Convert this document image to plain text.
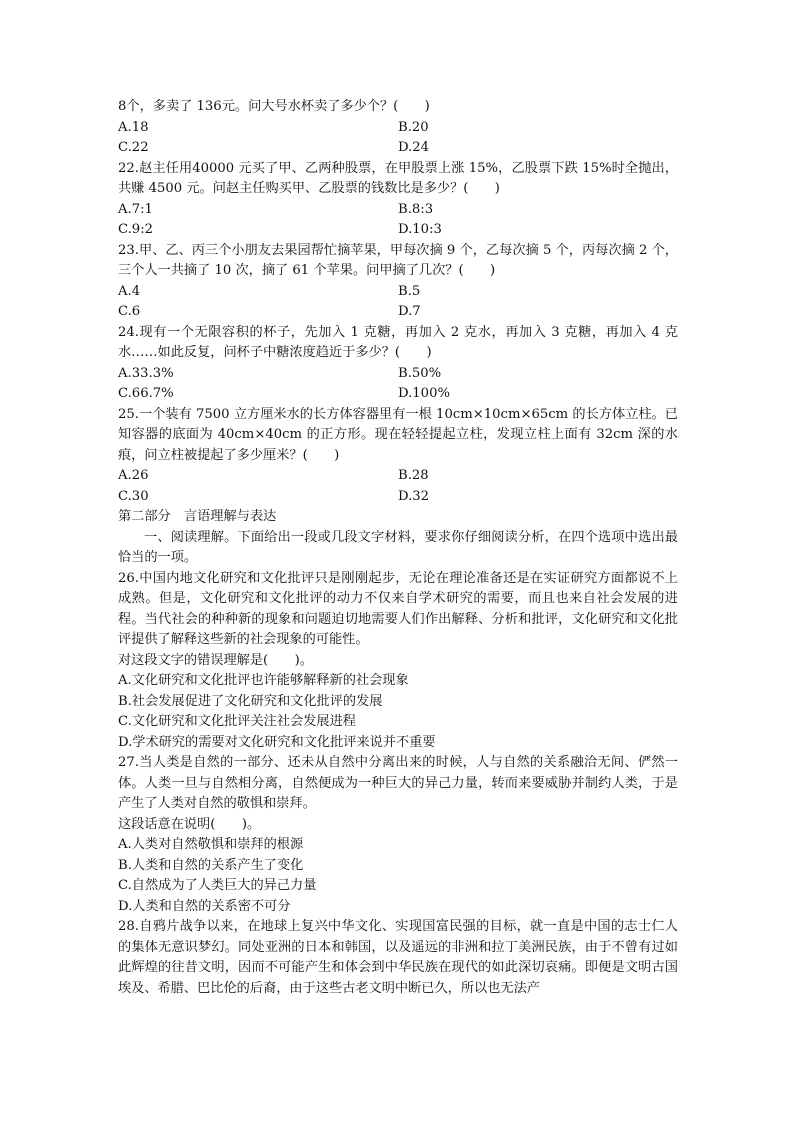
8个，多卖了 136元。问大号水杯卖了多少个？(　　)

A.18	B.20
C.22	D.24

22.赵主任用40000 元买了甲、乙两种股票，在甲股票上涨 15%，乙股票下跌 15%时全抛出，共赚 4500 元。问赵主任购买甲、乙股票的钱数比是多少？(　　)

A.7:1	B.8:3
C.9:2	D.10:3

23.甲、乙、丙三个小朋友去果园帮忙摘苹果，甲每次摘 9 个，乙每次摘 5 个，丙每次摘 2 个，三个人一共摘了 10 次，摘了 61 个苹果。问甲摘了几次？(　　)

A.4	B.5
C.6	D.7

24.现有一个无限容积的杯子，先加入 1 克糖，再加入 2 克水，再加入 3 克糖，再加入 4 克水……如此反复，问杯子中糖浓度趋近于多少？(　　)

A.33.3%	B.50%
C.66.7%	D.100%

25.一个装有 7500 立方厘米水的长方体容器里有一根 10cm×10cm×65cm 的长方体立柱。已知容器的底面为 40cm×40cm 的正方形。现在轻轻提起立柱，发现立柱上面有 32cm 深的水痕，问立柱被提起了多少厘米？(　　)

A.26	B.28
C.30	D.32

第二部分　言语理解与表达

一、阅读理解。下面给出一段或几段文字材料，要求你仔细阅读分析，在四个选项中选出最恰当的一项。

26.中国内地文化研究和文化批评只是刚刚起步，无论在理论准备还是在实证研究方面都说不上成熟。但是，文化研究和文化批评的动力不仅来自学术研究的需要，而且也来自社会发展的进程。当代社会的种种新的现象和问题迫切地需要人们作出解释、分析和批评，文化研究和文化批评提供了解释这些新的社会现象的可能性。

对这段文字的错误理解是(　　)。

A.文化研究和文化批评也许能够解释新的社会现象

B.社会发展促进了文化研究和文化批评的发展

C.文化研究和文化批评关注社会发展进程

D.学术研究的需要对文化研究和文化批评来说并不重要

27.当人类是自然的一部分、还未从自然中分离出来的时候，人与自然的关系融洽无间、俨然一体。人类一旦与自然相分离，自然便成为一种巨大的异己力量，转而来要威胁并制约人类，于是产生了人类对自然的敬惧和崇拜。

这段话意在说明(　　)。

A.人类对自然敬惧和崇拜的根源

B.人类和自然的关系产生了变化

C.自然成为了人类巨大的异己力量

D.人类和自然的关系密不可分

28.自鸦片战争以来，在地球上复兴中华文化、实现国富民强的目标，就一直是中国的志士仁人的集体无意识梦幻。同处亚洲的日本和韩国，以及遥远的非洲和拉丁美洲民族，由于不曾有过如此辉煌的往昔文明，因而不可能产生和体会到中华民族在现代的如此深切哀痛。即便是文明古国埃及、希腊、巴比伦的后裔，由于这些古老文明中断已久，所以也无法产
